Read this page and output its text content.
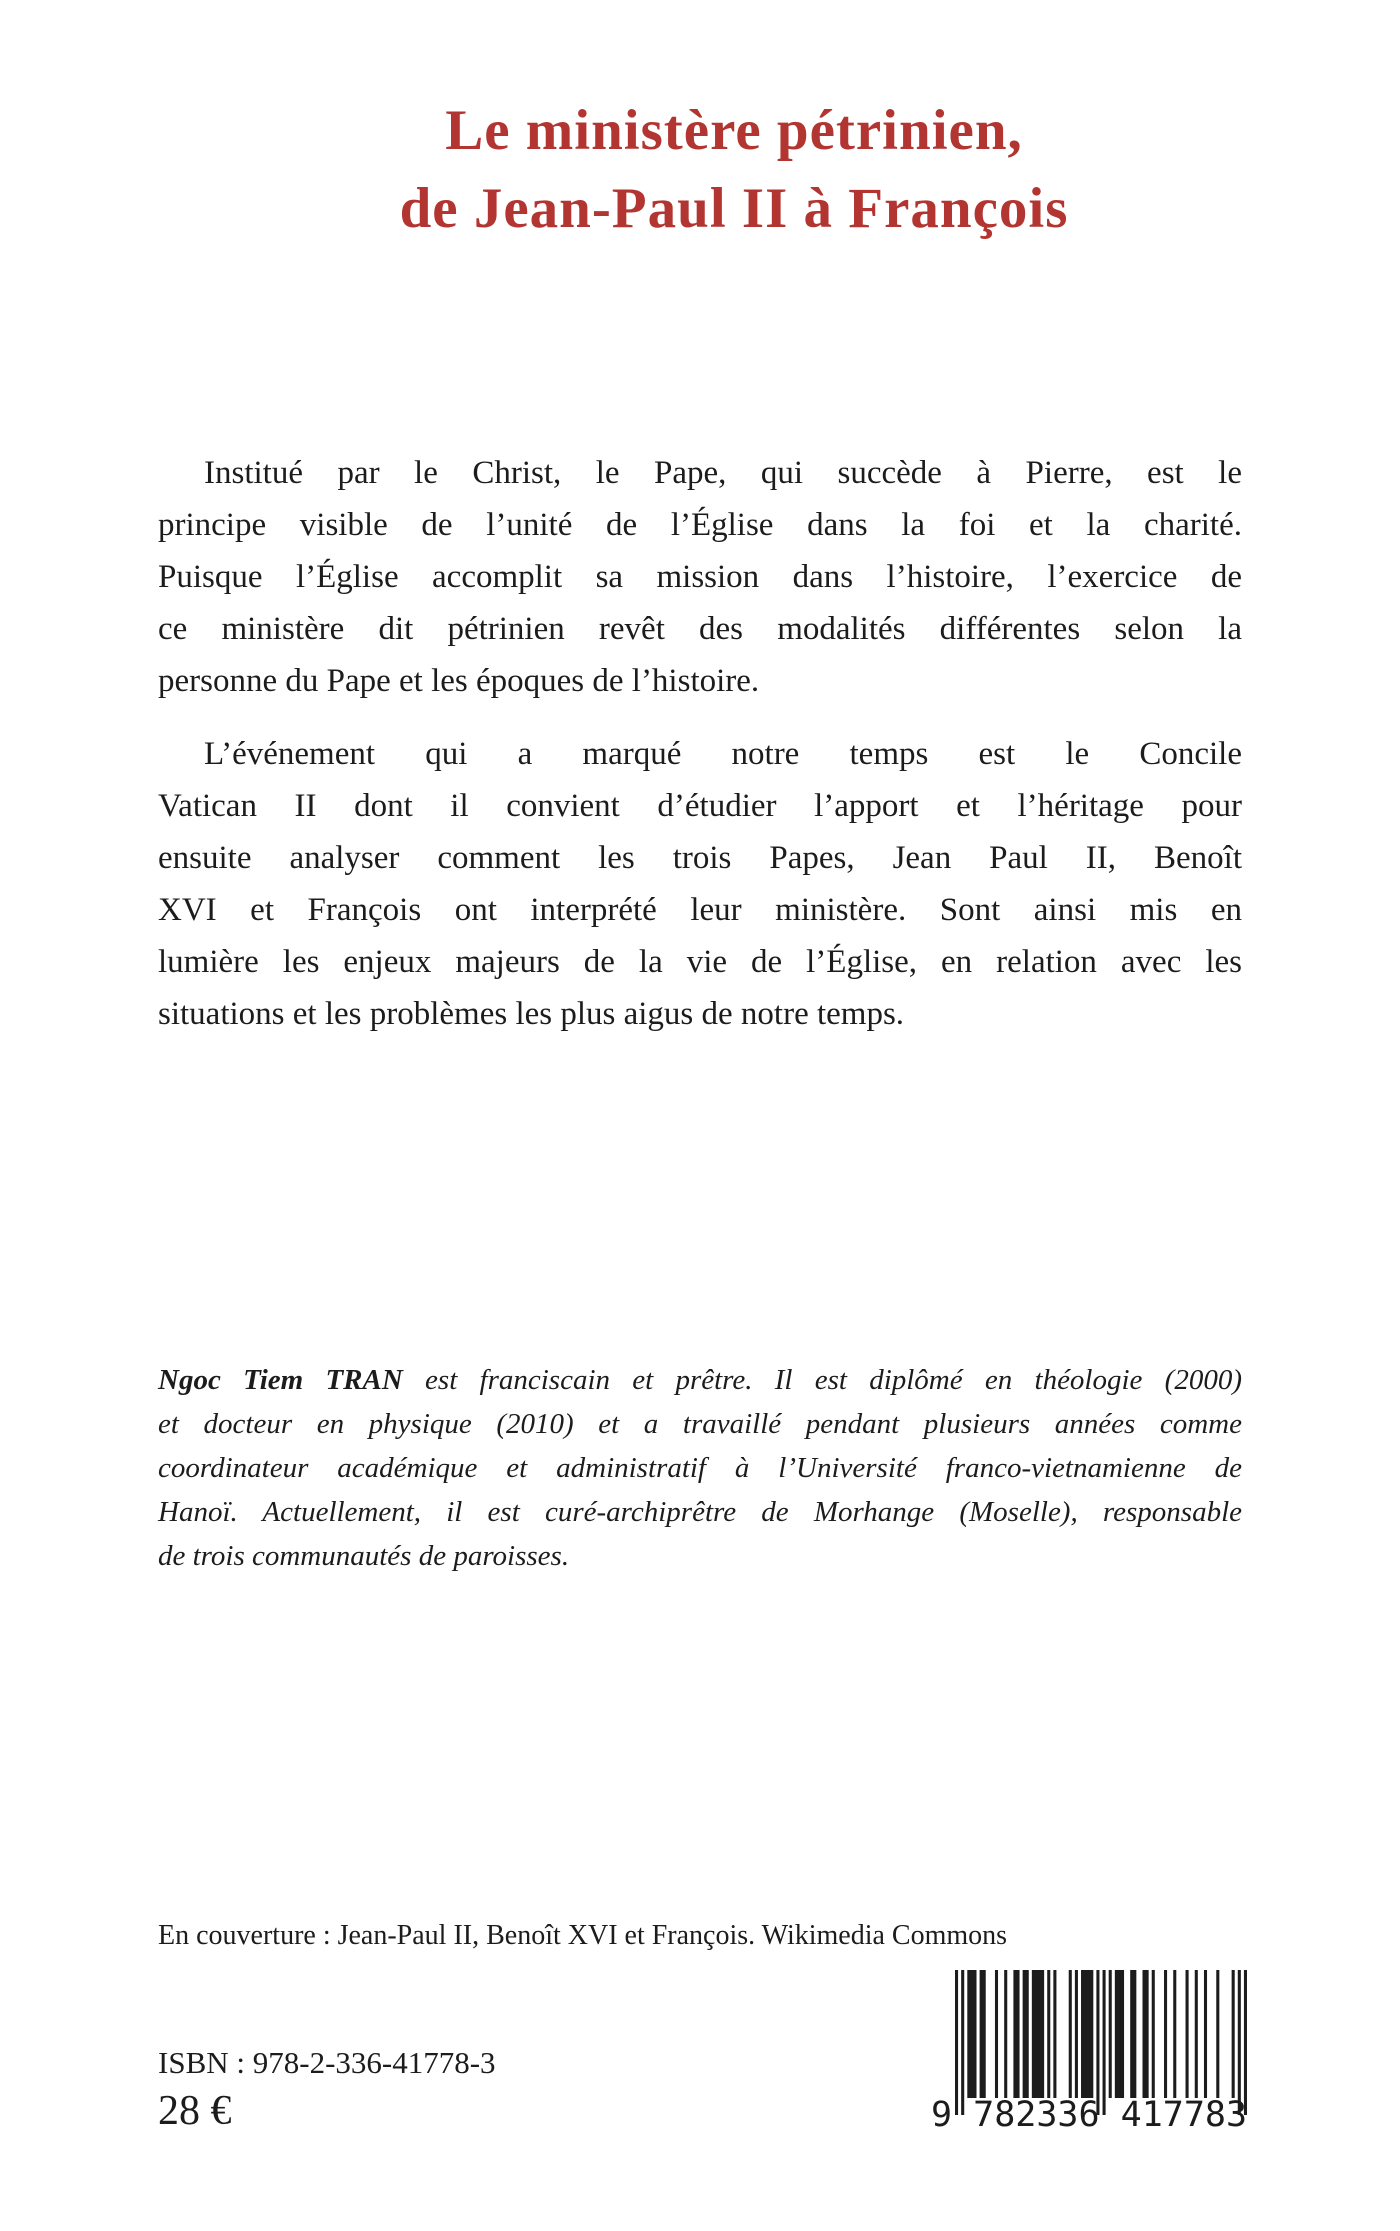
Le ministère pétrinien,
de Jean-Paul II à François
Institué par le Christ, le Pape, qui succède à Pierre, est le
principe visible de l’unité de l’Église dans la foi et la charité.
Puisque l’Église accomplit sa mission dans l’histoire, l’exercice de
ce ministère dit pétrinien revêt des modalités différentes selon la
personne du Pape et les époques de l’histoire.
L’événement qui a marqué notre temps est le Concile
Vatican II dont il convient d’étudier l’apport et l’héritage pour
ensuite analyser comment les trois Papes, Jean Paul II, Benoît
XVI et François ont interprété leur ministère. Sont ainsi mis en
lumière les enjeux majeurs de la vie de l’Église, en relation avec les
situations et les problèmes les plus aigus de notre temps.
Ngoc Tiem TRAN est franciscain et prêtre. Il est diplômé en théologie (2000)
et docteur en physique (2010) et a travaillé pendant plusieurs années comme
coordinateur académique et administratif à l’Université franco-vietnamienne de
Hanoï. Actuellement, il est curé-archiprêtre de Morhange (Moselle), responsable
de trois communautés de paroisses.
En couverture : Jean-Paul II, Benoît XVI et François. Wikimedia Commons
ISBN : 978-2-336-41778-3
28 €	9 782336 417783
